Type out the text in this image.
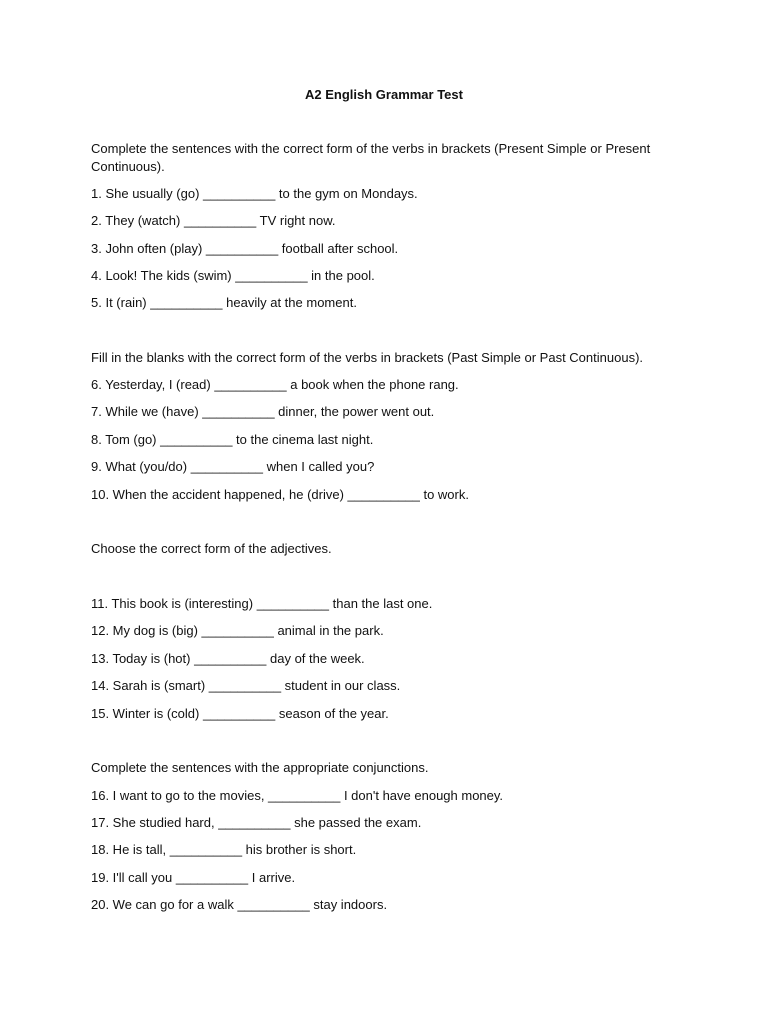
A2 English Grammar Test
Complete the sentences with the correct form of the verbs in brackets (Present Simple or Present Continuous).
1. She usually (go) __________ to the gym on Mondays.
2. They (watch) __________ TV right now.
3. John often (play) __________ football after school.
4. Look! The kids (swim) __________ in the pool.
5. It (rain) __________ heavily at the moment.
Fill in the blanks with the correct form of the verbs in brackets (Past Simple or Past Continuous).
6. Yesterday, I (read) __________ a book when the phone rang.
7. While we (have) __________ dinner, the power went out.
8. Tom (go) __________ to the cinema last night.
9. What (you/do) __________ when I called you?
10. When the accident happened, he (drive) __________ to work.
Choose the correct form of the adjectives.
11. This book is (interesting) __________ than the last one.
12. My dog is (big) __________ animal in the park.
13. Today is (hot) __________ day of the week.
14. Sarah is (smart) __________ student in our class.
15. Winter is (cold) __________ season of the year.
Complete the sentences with the appropriate conjunctions.
16. I want to go to the movies, __________ I don't have enough money.
17. She studied hard, __________ she passed the exam.
18. He is tall, __________ his brother is short.
19. I'll call you __________ I arrive.
20. We can go for a walk __________ stay indoors.
